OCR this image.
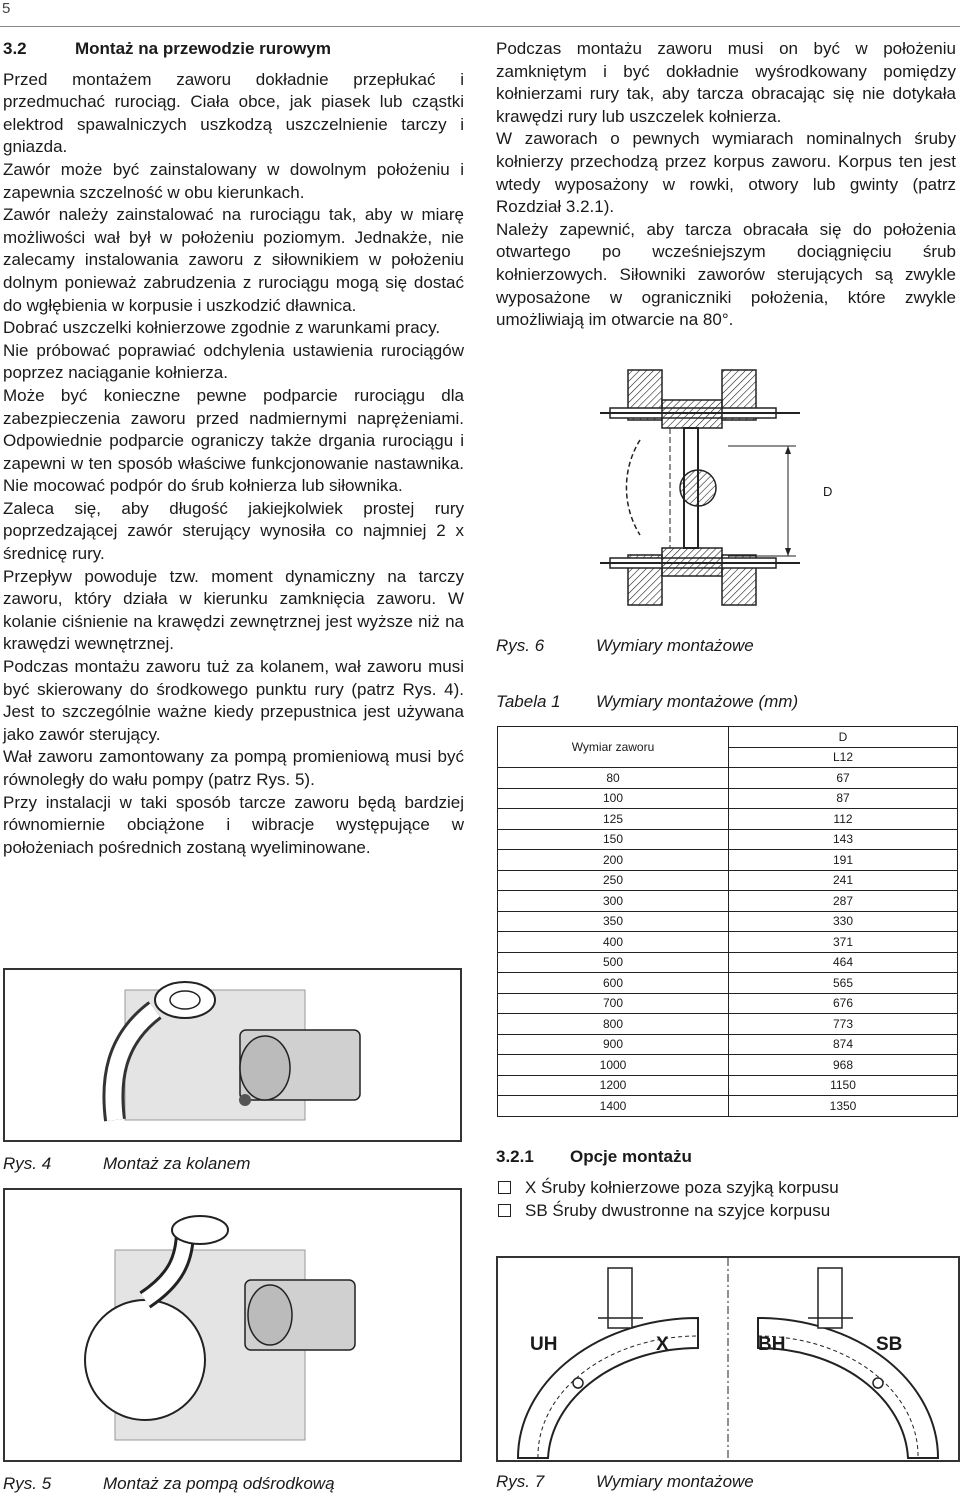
5
3.2	Montaż na przewodzie rurowym

Przed montażem zaworu dokładnie przepłukać i przedmuchać rurociąg. Ciała obce, jak piasek lub cząstki elektrod spawalniczych uszkodzą uszczelnienie tarczy i gniazda.

Zawór może być zainstalowany w dowolnym położeniu i zapewnia szczelność w obu kierunkach.

Zawór należy zainstalować na rurociągu tak, aby w miarę możliwości wał był w położeniu poziomym. Jednakże, nie zalecamy instalowania zaworu z siłownikiem w położeniu dolnym ponieważ zabrudzenia z rurociągu mogą się dostać do wgłębienia w korpusie i uszkodzić dławnica.

Dobrać uszczelki kołnierzowe zgodnie z warunkami pracy.

Nie próbować poprawiać odchylenia ustawienia rurociągów poprzez naciąganie kołnierza.

Może być konieczne pewne podparcie rurociągu dla zabezpieczenia zaworu przed nadmiernymi naprężeniami. Odpowiednie podparcie ograniczy także drgania rurociągu i zapewni w ten sposób właściwe funkcjonowanie nastawnika. Nie mocować podpór do śrub kołnierza lub siłownika.

Zaleca się, aby długość jakiejkolwiek prostej rury poprzedzającej zawór sterujący wynosiła co najmniej 2 x średnicę rury.

Przepływ powoduje tzw. moment dynamiczny na tarczy zaworu, który działa w kierunku zamknięcia zaworu. W kolanie ciśnienie na krawędzi zewnętrznej jest wyższe niż na krawędzi wewnętrznej.

Podczas montażu zaworu tuż za kolanem, wał zaworu musi być skierowany do środkowego punktu rury (patrz Rys. 4). Jest to szczególnie ważne kiedy przepustnica jest używana jako zawór sterujący.

Wał zaworu zamontowany za pompą promieniową musi być równoległy do wału pompy (patrz Rys. 5).

Przy instalacji w taki sposób tarcze zaworu będą bardziej równomiernie obciążone i wibracje występujące w położeniach pośrednich zostaną wyeliminowane.

Podczas montażu zaworu musi on być w położeniu zamkniętym i być dokładnie wyśrodkowany pomiędzy kołnierzami rury tak, aby tarcza obracając się nie dotykała krawędzi rury lub uszczelek kołnierza.

W zaworach o pewnych wymiarach nominalnych śruby kołnierzy przechodzą przez korpus zaworu. Korpus ten jest wtedy wyposażony w rowki, otwory lub gwinty (patrz Rozdział 3.2.1).

Należy zapewnić, aby tarcza obracała się do położenia otwartego po wcześniejszym dociągnięciu śrub kołnierzowych. Siłowniki zaworów sterujących są zwykle wyposażone w ograniczniki położenia, które zwykle umożliwiają im otwarcie na 80°.

D
Rys. 6	Wymiary montażowe
Tabela 1 Wymiary montażowe (mm)
Wymiar zaworu	D
	L12
80	67
100	87
125	112
150	143
200	191
250	241
300	287
350	330
400	371
500	464
600	565
700	676
800	773
900	874
1000	968
1200	1150
1400	1350
3.2.1	Opcje montażu
X Śruby kołnierzowe poza szyjką korpusu
SB Śruby dwustronne na szyjce korpusu
Rys. 4	Montaż za kolanem
Rys. 5	Montaż za pompą odśrodkową
UH	X	BH	SB
Rys. 7	Wymiary montażowe
